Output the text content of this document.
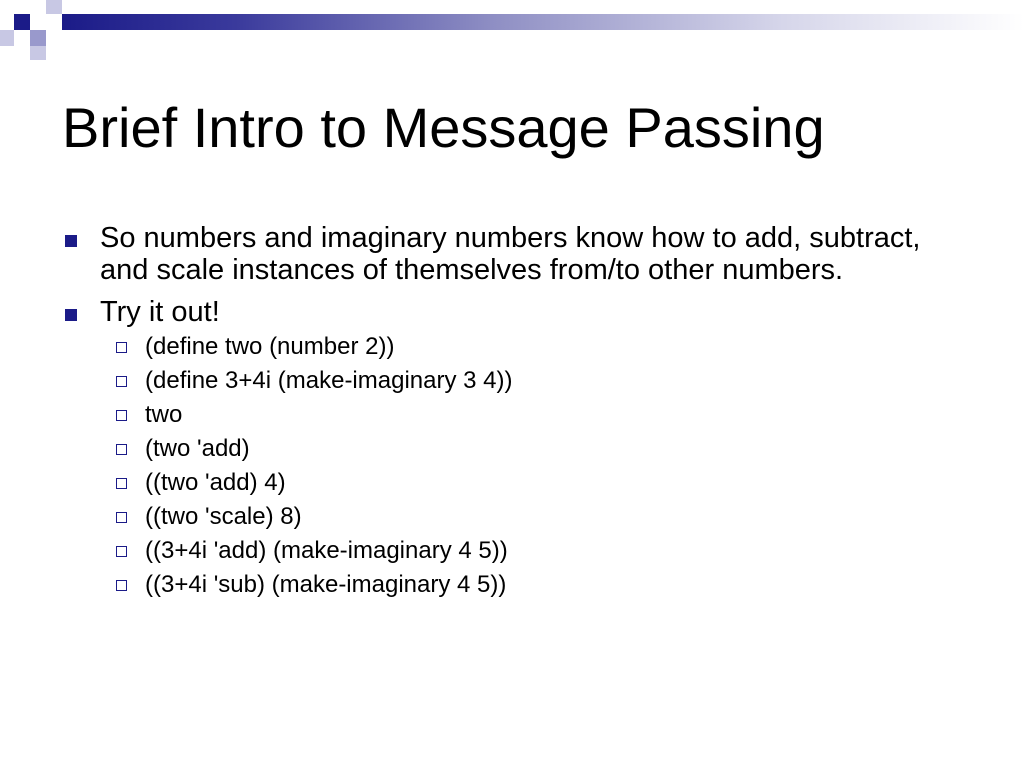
Brief Intro to Message Passing
So numbers and imaginary numbers know how to add, subtract, and scale instances of themselves from/to other numbers.
Try it out!
(define two (number 2))
(define 3+4i (make-imaginary 3 4))
two
(two 'add)
((two 'add) 4)
((two 'scale) 8)
((3+4i 'add) (make-imaginary 4 5))
((3+4i 'sub) (make-imaginary 4 5))
